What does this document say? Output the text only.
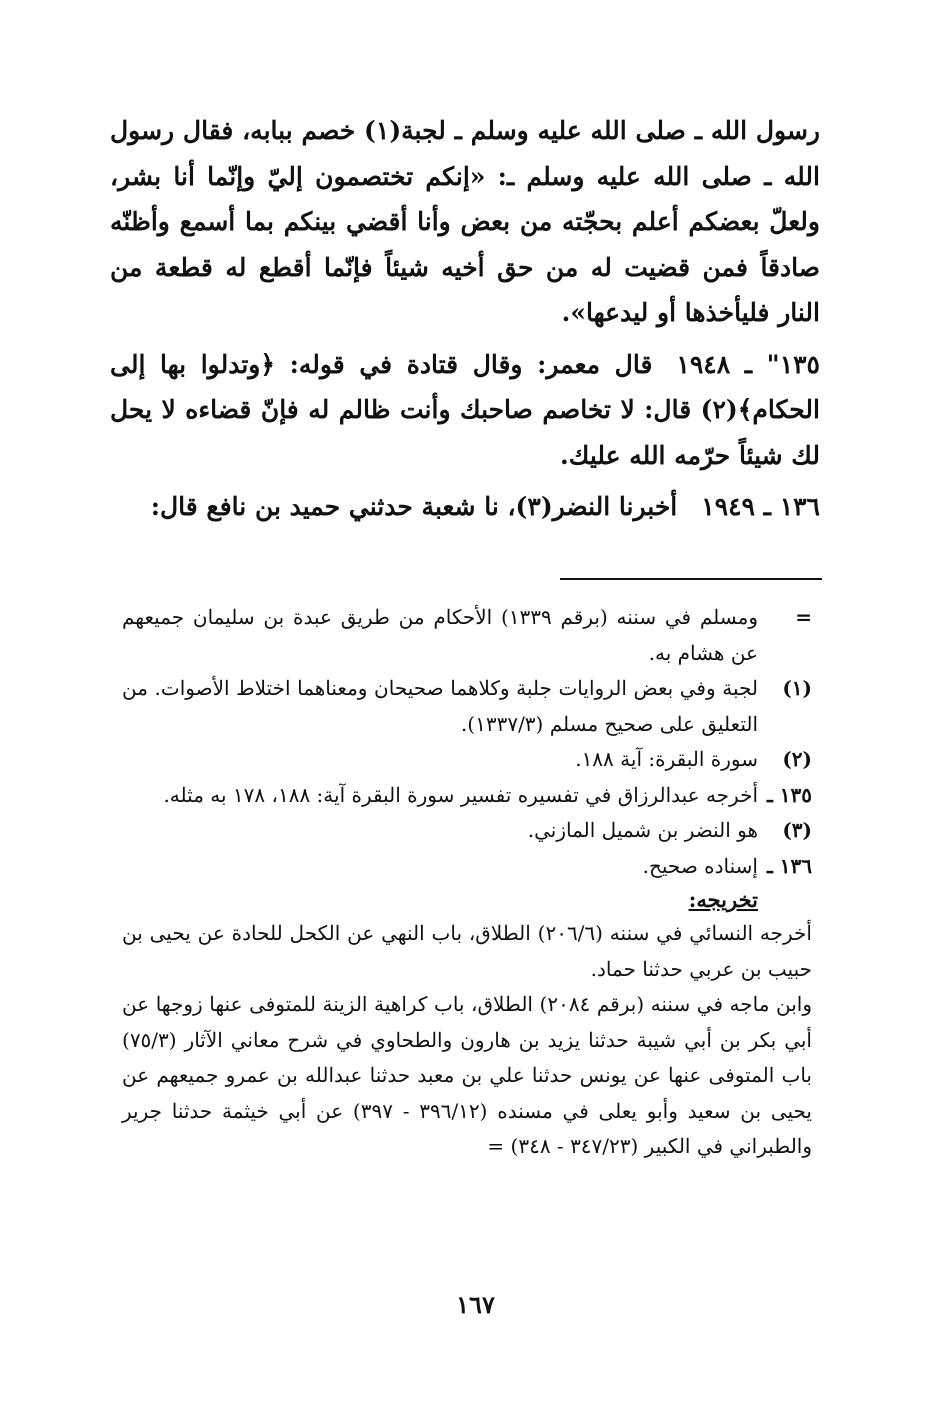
رسول الله ـ صلى الله عليه وسلم ـ لجبة(١) خصم ببابه، فقال رسول الله ـ صلى الله عليه وسلم ـ: «إنكم تختصمون إليّ وإنّما أنا بشر، ولعلّ بعضكم أعلم بحجّته من بعض وأنا أقضي بينكم بما أسمع وأظنّه صادقاً فمن قضيت له من حق أخيه شيئاً فإنّما أقطع له قطعة من النار فليأخذها أو ليدعها».

١٣٥" ـ ١٩٤٨قال معمر: وقال قتادة في قوله: ﴿وتدلوا بها إلى الحكام﴾(٢) قال: لا تخاصم صاحبك وأنت ظالم له فإنّ قضاءه لا يحل لك شيئاً حرّمه الله عليك.

١٣٦ ـ ١٩٤٩أخبرنا النضر(٣)، نا شعبة حدثني حميد بن نافع قال:

=
ومسلم في سننه (برقم ١٣٣٩) الأحكام من طريق عبدة بن سليمان جميعهم عن هشام به.
(١)
لجبة وفي بعض الروايات جلبة وكلاهما صحيحان ومعناهما اختلاط الأصوات. من التعليق على صحيح مسلم (١٣٣٧/٣).
(٢)
سورة البقرة: آية ١٨٨.
١٣٥ ـ
أخرجه عبدالرزاق في تفسيره تفسير سورة البقرة آية: ١٨٨، ١٧٨ به مثله.
(٣)
هو النضر بن شميل المازني.
١٣٦ ـ
إسناده صحيح.
تخريجه:

أخرجه النسائي في سننه (٢٠٦/٦) الطلاق، باب النهي عن الكحل للحادة عن يحيى بن حبيب بن عربي حدثنا حماد.

وابن ماجه في سننه (برقم ٢٠٨٤) الطلاق، باب كراهية الزينة للمتوفى عنها زوجها عن أبي بكر بن أبي شيبة حدثنا يزيد بن هارون والطحاوي في شرح معاني الآثار (٧٥/٣) باب المتوفى عنها عن يونس حدثنا علي بن معبد حدثنا عبدالله بن عمرو جميعهم عن يحيى بن سعيد وأبو يعلى في مسنده (٣٩٦/١٢ - ٣٩٧) عن أبي خيثمة حدثنا جرير والطبراني في الكبير (٣٤٧/٢٣ - ٣٤٨) =

١٦٧
